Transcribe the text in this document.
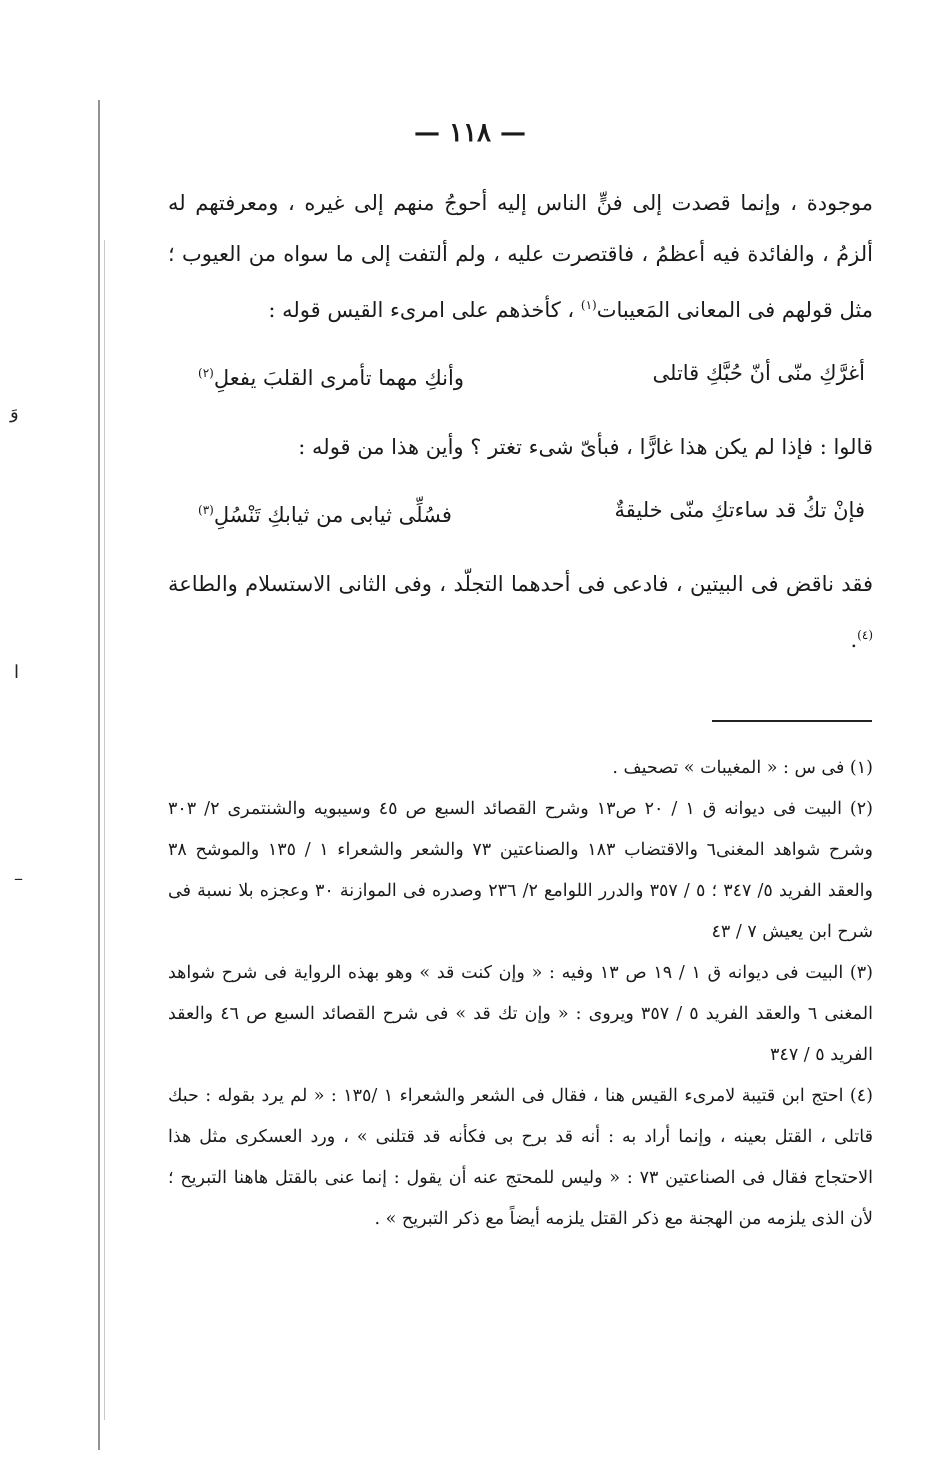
وَ
ا
–
— ١١٨ —

موجودة ، وإنما قصدت إلى فنٍّ الناس إليه أحوجُ منهم إلى غيره ، ومعرفتهم له ألزمُ ، والفائدة فيه أعظمُ ، فاقتصرت عليه ، ولم ألتفت إلى ما سواه من العيوب ؛ مثل قولهم فى المعانى المَعيبات$^{(١)}$ ، كأخذهم على امرىء القيس قوله :

أغرَّكِ منّى أنّ حُبَّكِ قاتلى
وأنكِ مهما تأمرى القلبَ يفعلِ$^{(٢)}$

قالوا : فإذا لم يكن هذا غارًّا ، فبأىّ شىء تغتر ؟ وأين هذا من قوله :

فإنْ تكُ قد ساءتكِ منّى خليقةٌ
فسُلِّى ثيابى من ثيابكِ تَنْسُلِ$^{(٣)}$

فقد ناقض فى البيتين ، فادعى فى أحدهما التجلّد ، وفى الثانى الاستسلام والطاعة $^{(٤)}$.

(١) فى س : « المغيبات » تصحيف .

(٢) البيت فى ديوانه ق ١ / ٢٠ ص١٣ وشرح القصائد السبع ص ٤٥ وسيبويه والشنتمرى ٢/ ٣٠٣ وشرح شواهد المغنى٦ والاقتضاب ١٨٣ والصناعتين ٧٣ والشعر والشعراء ١ / ١٣٥ والموشح ٣٨ والعقد الفريد ٥/ ٣٤٧ ؛ ٥ / ٣٥٧ والدرر اللوامع ٢/ ٢٣٦ وصدره فى الموازنة ٣٠ وعجزه بلا نسبة فى شرح ابن يعيش ٧ / ٤٣

(٣) البيت فى ديوانه ق ١ / ١٩ ص ١٣ وفيه : « وإن كنت قد » وهو بهذه الرواية فى شرح شواهد المغنى ٦ والعقد الفريد ٥ / ٣٥٧ ويروى : « وإن تك قد » فى شرح القصائد السبع ص ٤٦ والعقد الفريد ٥ / ٣٤٧

(٤) احتج ابن قتيبة لامرىء القيس هنا ، فقال فى الشعر والشعراء ١ /١٣٥ : « لم يرد بقوله : حبك قاتلى ، القتل بعينه ، وإنما أراد به : أنه قد برح بى فكأنه قد قتلنى » ، ورد العسكرى مثل هذا الاحتجاج فقال فى الصناعتين ٧٣ : « وليس للمحتج عنه أن يقول : إنما عنى بالقتل هاهنا التبريح ؛ لأن الذى يلزمه من الهجنة مع ذكر القتل يلزمه أيضاً مع ذكر التبريح » .
